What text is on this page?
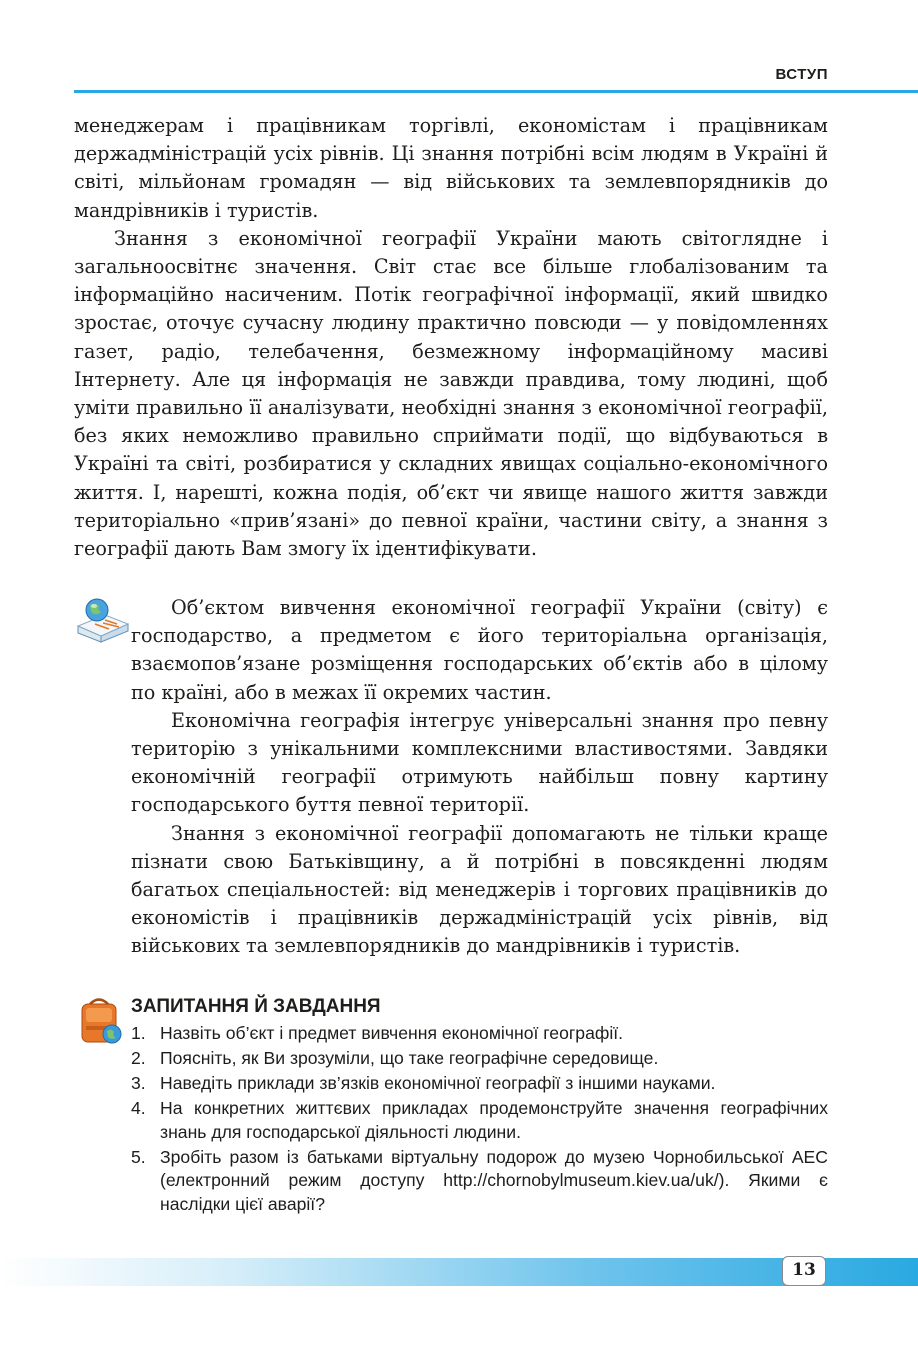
ВСТУП

менеджерам і працівникам торгівлі, економістам і працівникам держадміністрацій усіх рівнів. Ці знання потрібні всім людям в Україні й світі, мільйонам громадян — від військових та землевпорядників до мандрівників і туристів.

Знання з економічної географії України мають світоглядне і загальноосвітнє значення. Світ стає все більше глобалізованим та інформаційно насиченим. Потік географічної інформації, який швидко зростає, оточує сучасну людину практично повсюди — у повідомленнях газет, радіо, телебачення, безмежному інформаційному масиві Інтернету. Але ця інформація не завжди правдива, тому людині, щоб уміти правильно її аналізувати, необхідні знання з економічної географії, без яких неможливо правильно сприймати події, що відбуваються в Україні та світі, розбиратися у складних явищах соціально-економічного життя. І, нарешті, кожна подія, об’єкт чи явище нашого життя завжди територіально «прив’язані» до певної країни, частини світу, а знання з географії дають Вам змогу їх ідентифікувати.

Об’єктом вивчення економічної географії України (світу) є господарство, а предметом є його територіальна організація, взаємопов’язане розміщення господарських об’єктів або в цілому по країні, або в межах її окремих частин.

Економічна географія інтегрує універсальні знання про певну територію з унікальними комплексними властивостями. Завдяки економічній географії отримують найбільш повну картину господарського буття певної території.

Знання з економічної географії допомагають не тільки краще пізнати свою Батьківщину, а й потрібні в повсякденні людям багатьох спеціальностей: від менеджерів і торгових працівників до економістів і працівників держадміністрацій усіх рівнів, від військових та землевпорядників до мандрівників і туристів.

ЗАПИТАННЯ Й ЗАВДАННЯ
1. Назвіть об’єкт і предмет вивчення економічної географії.
2. Поясніть, як Ви зрозуміли, що таке географічне середовище.
3. Наведіть приклади зв’язків економічної географії з іншими науками.
4. На конкретних життєвих прикладах продемонструйте значення географічних знань для господарської діяльності людини.
5. Зробіть разом із батьками віртуальну подорож до музею Чорнобильської АЕС (електронний режим доступу http://chornobylmuseum.kiev.ua/uk/). Якими є наслідки цієї аварії?
13
